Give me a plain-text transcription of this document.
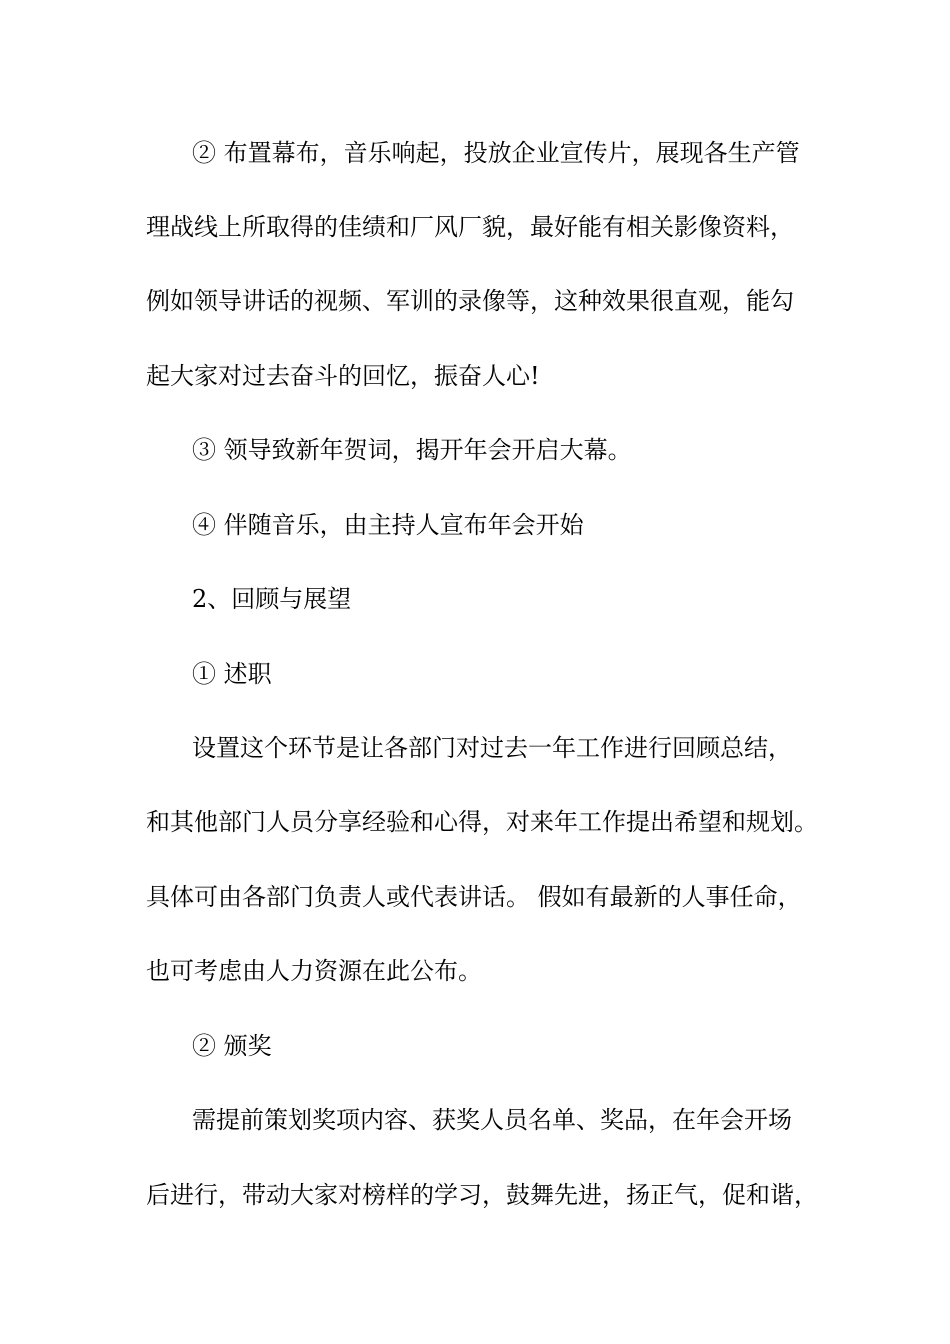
② 布置幕布，音乐响起，投放企业宣传片，展现各生产管
理战线上所取得的佳绩和厂风厂貌，最好能有相关影像资料，
例如领导讲话的视频、军训的录像等，这种效果很直观，能勾
起大家对过去奋斗的回忆，振奋人心!
③ 领导致新年贺词，揭开年会开启大幕。
④ 伴随音乐，由主持人宣布年会开始
2、回顾与展望
① 述职
设置这个环节是让各部门对过去一年工作进行回顾总结，
和其他部门人员分享经验和心得，对来年工作提出希望和规划。
具体可由各部门负责人或代表讲话。 假如有最新的人事任命，
也可考虑由人力资源在此公布。
② 颁奖
需提前策划奖项内容、获奖人员名单、奖品，在年会开场
后进行，带动大家对榜样的学习，鼓舞先进，扬正气，促和谐，
